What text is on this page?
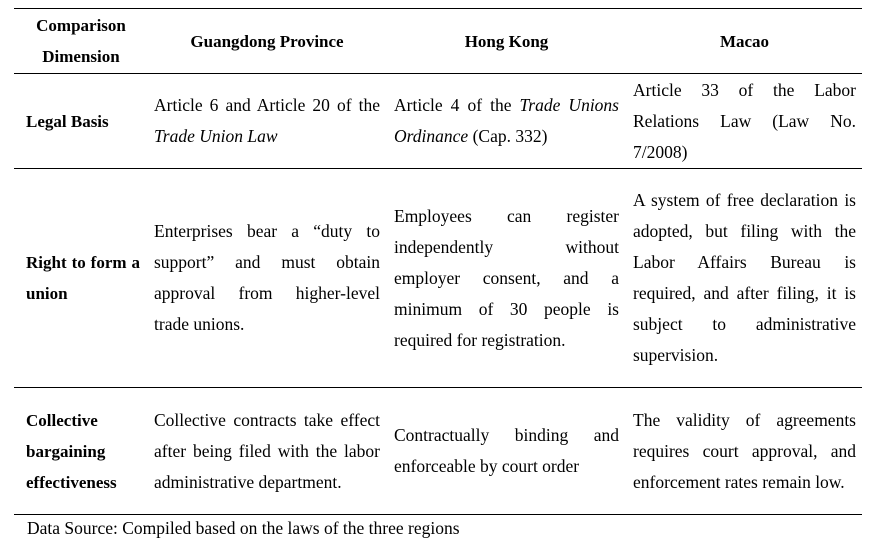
Comparison Dimension	Guangdong Province	Hong Kong	Macao
Legal Basis	Article 6 and Article 20 of the Trade Union Law	Article 4 of the Trade Unions Ordinance (Cap. 332)	Article 33 of the Labor Relations Law (Law No. 7/2008)
Right to form a union	Enterprises bear a “duty to support” and must obtain approval from higher-level trade unions.	Employees can register independently without employer consent, and a minimum of 30 people is required for registration.	A system of free declaration is adopted, but filing with the Labor Affairs Bureau is required, and after filing, it is subject to administrative supervision.
Collective bargaining effectiveness	Collective contracts take effect after being filed with the labor administrative department.	Contractually binding and enforceable by court order	The validity of agreements requires court approval, and enforcement rates remain low.
Data Source: Compiled based on the laws of the three regions
